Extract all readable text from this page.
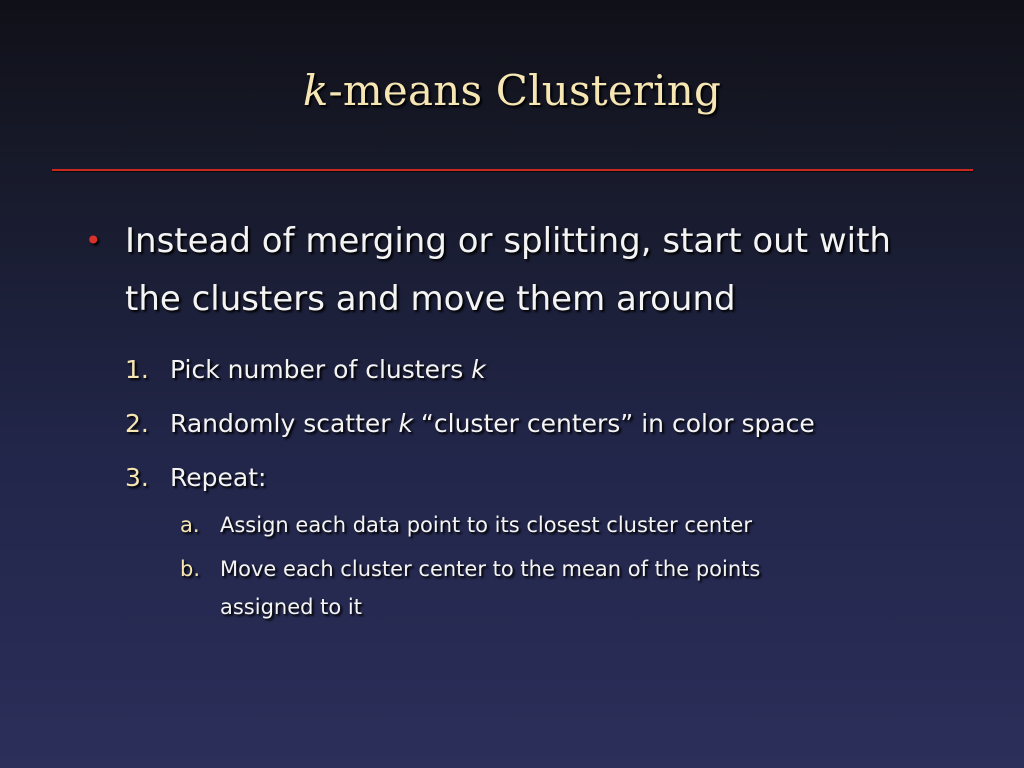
k-means Clustering
• Instead of merging or splitting, start out with the clusters and move them around
1. Pick number of clusters k
2. Randomly scatter k “cluster centers” in color space
3. Repeat:
a. Assign each data point to its closest cluster center
b. Move each cluster center to the mean of the points assigned to it
